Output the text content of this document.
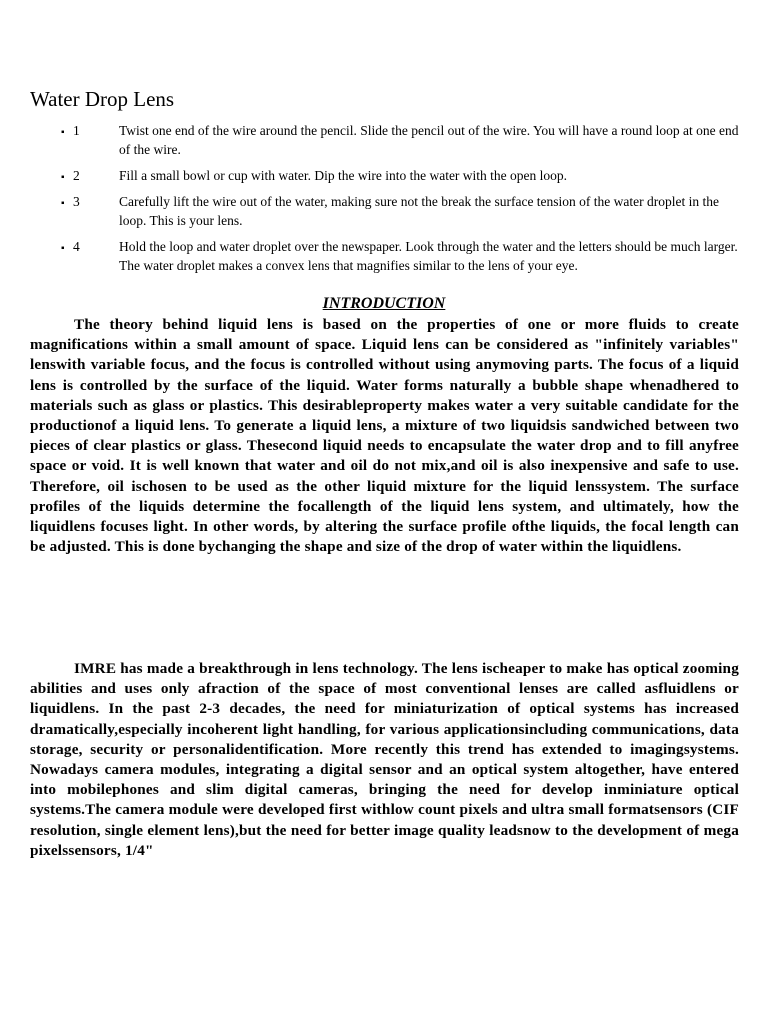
Water Drop Lens
▪ 1	Twist one end of the wire around the pencil. Slide the pencil out of the wire. You will have a round loop at one end of the wire.
▪ 2	Fill a small bowl or cup with water. Dip the wire into the water with the open loop.
▪ 3	Carefully lift the wire out of the water, making sure not the break the surface tension of the water droplet in the loop. This is your lens.
▪ 4	Hold the loop and water droplet over the newspaper. Look through the water and the letters should be much larger. The water droplet makes a convex lens that magnifies similar to the lens of your eye.
INTRODUCTION

The theory behind liquid lens is based on the properties of one or more fluids to create magnifications within a small amount of space. Liquid lens can be considered as "infinitely variables" lenswith variable focus, and the focus is controlled without using anymoving parts. The focus of a liquid lens is controlled by the surface of the liquid. Water forms naturally a bubble shape whenadhered to materials such as glass or plastics. This desirableproperty makes water a very suitable candidate for the productionof a liquid lens. To generate a liquid lens, a mixture of two liquidsis sandwiched between two pieces of clear plastics or glass. Thesecond liquid needs to encapsulate the water drop and to fill anyfree space or void. It is well known that water and oil do not mix,and oil is also inexpensive and safe to use. Therefore, oil ischosen to be used as the other liquid mixture for the liquid lenssystem. The surface profiles of the liquids determine the focallength of the liquid lens system, and ultimately, how the liquidlens focuses light. In other words, by altering the surface profile ofthe liquids, the focal length can be adjusted. This is done bychanging the shape and size of the drop of water within the liquidlens.

IMRE has made a breakthrough in lens technology. The lens ischeaper to make has optical zooming abilities and uses only afraction of the space of most conventional lenses are called asfluidlens or liquidlens. In the past 2-3 decades, the need for miniaturization of optical systems has increased dramatically,especially incoherent light handling, for various applicationsincluding communications, data storage, security or personalidentification. More recently this trend has extended to imagingsystems. Nowadays camera modules, integrating a digital sensor and an optical system altogether, have entered into mobilephones and slim digital cameras, bringing the need for develop inminiature optical systems.The camera module were developed first withlow count pixels and ultra small formatsensors (CIF resolution, single element lens),but the need for better image quality leadsnow to the development of mega pixelssensors, 1/4"
